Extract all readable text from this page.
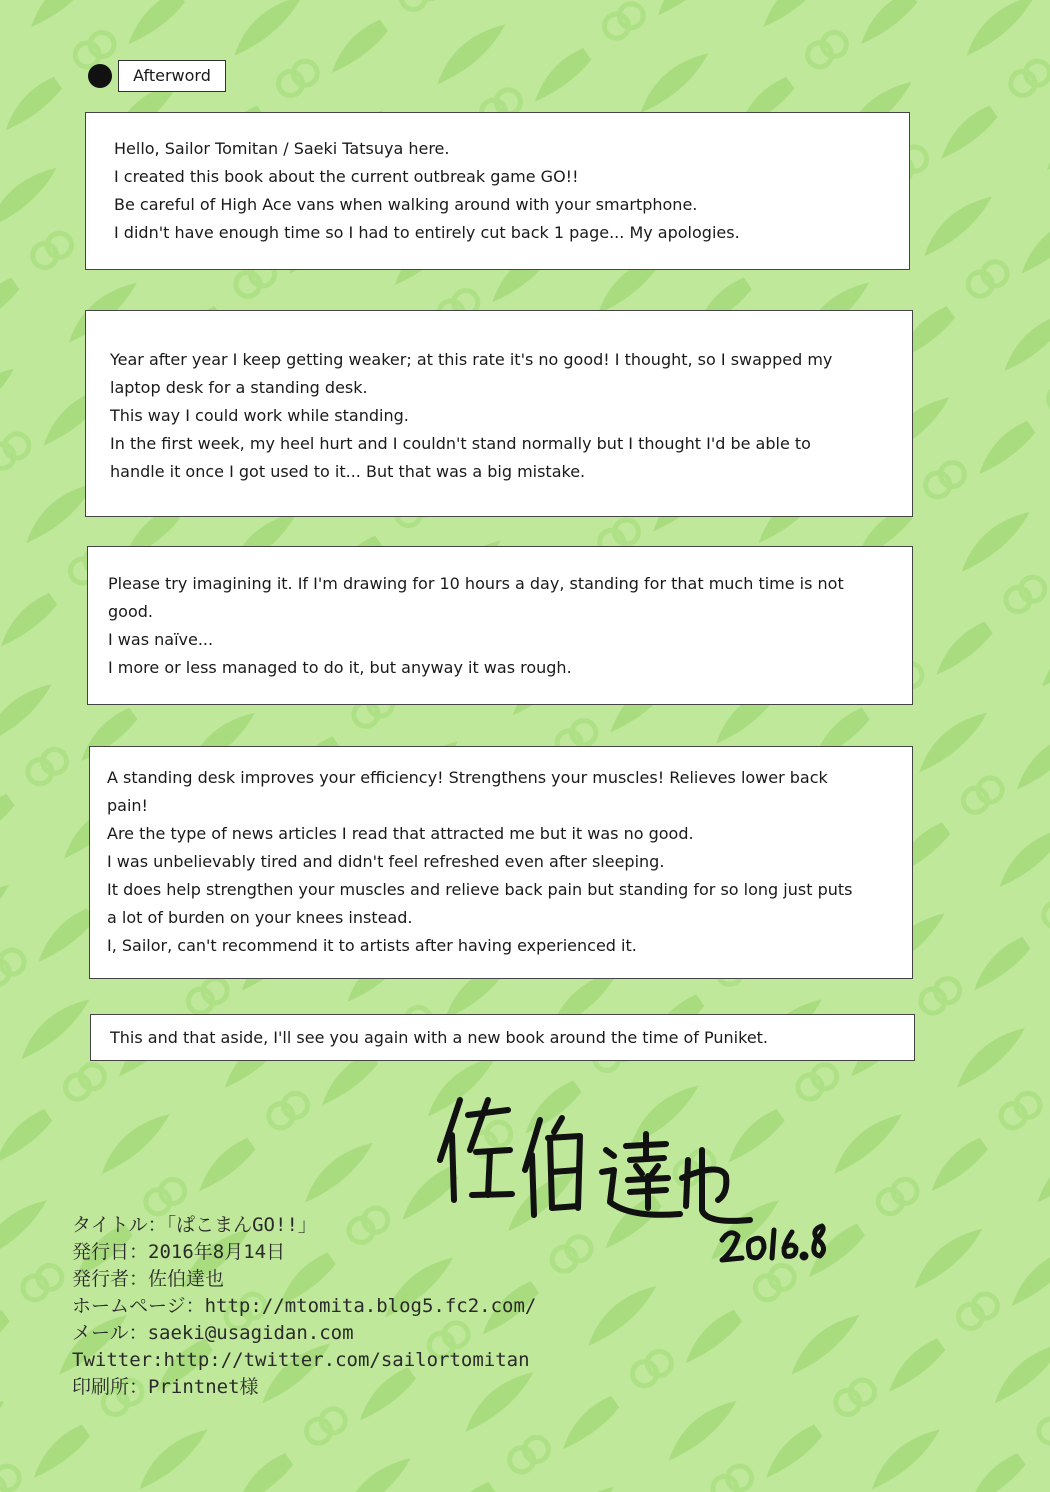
Afterword
Hello, Sailor Tomitan / Saeki Tatsuya here.
I created this book about the current outbreak game GO!!
Be careful of High Ace vans when walking around with your smartphone.
I didn't have enough time so I had to entirely cut back 1 page... My apologies.
Year after year I keep getting weaker; at this rate it's no good! I thought, so I swapped my
laptop desk for a standing desk.
This way I could work while standing.
In the first week, my heel hurt and I couldn't stand normally but I thought I'd be able to
handle it once I got used to it... But that was a big mistake.
Please try imagining it. If I'm drawing for 10 hours a day, standing for that much time is not
good.
I was naïve...
I more or less managed to do it, but anyway it was rough.
A standing desk improves your efficiency! Strengthens your muscles! Relieves lower back
pain!
Are the type of news articles I read that attracted me but it was no good.
I was unbelievably tired and didn't feel refreshed even after sleeping.
It does help strengthen your muscles and relieve back pain but standing for so long just puts
a lot of burden on your knees instead.
I, Sailor, can't recommend it to artists after having experienced it.
This and that aside, I'll see you again with a new book around the time of Puniket.
タイトル：「ぱこまんGO!!」
発行日：2016年8月14日
発行者：佐伯達也
ホームページ：http://mtomita.blog5.fc2.com/
メール：saeki@usagidan.com
Twitter:http://twitter.com/sailortomitan
印刷所：Printnet様
